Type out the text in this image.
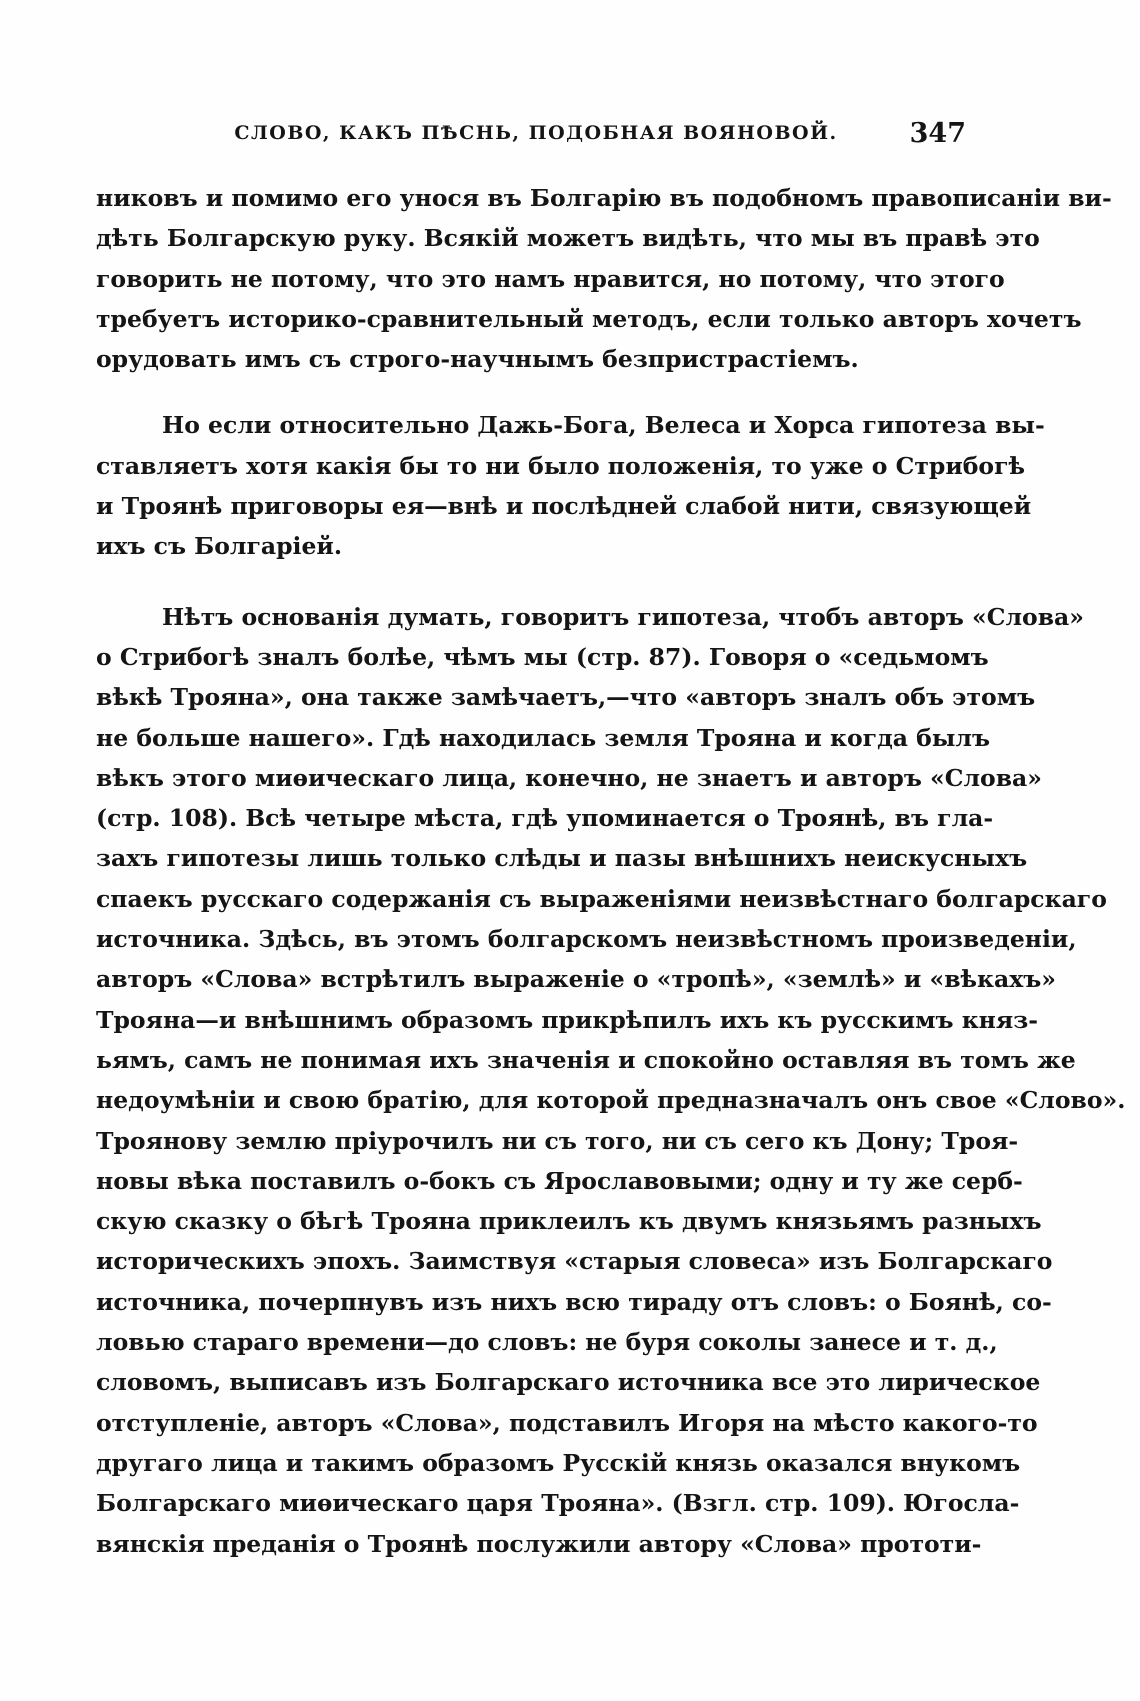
СЛОВО, КАКЪ ПѢСНЬ, ПОДОБНАЯ ВОЯНОВОЙ.	347
никовъ и помимо его унося въ Болгарію въ подобномъ правописаніи ви-
дѣть Болгарскую руку. Всякій можетъ видѣть, что мы въ правѣ это
говорить не потому, что это намъ нравится, но потому, что этого
требуетъ историко-сравнительный методъ, если только авторъ хочетъ
орудовать имъ съ строго-научнымъ безпристрастіемъ.
Но если относительно Дажь-Бога, Велеса и Хорса гипотеза вы-
ставляетъ хотя какія бы то ни было положенія, то уже о Стрибогѣ
и Троянѣ приговоры ея—внѣ и послѣдней слабой нити, связующей
ихъ съ Болгаріей.
Нѣтъ основанія думать, говоритъ гипотеза, чтобъ авторъ «Слова»
о Стрибогѣ зналъ болѣе, чѣмъ мы (стр. 87). Говоря о «седьмомъ
вѣкѣ Трояна», она также замѣчаетъ,—что «авторъ зналъ объ этомъ
не больше нашего». Гдѣ находилась земля Трояна и когда былъ
вѣкъ этого миѳическаго лица, конечно, не знаетъ и авторъ «Слова»
(стр. 108). Всѣ четыре мѣста, гдѣ упоминается о Троянѣ, въ гла-
захъ гипотезы лишь только слѣды и пазы внѣшнихъ неискусныхъ
спаекъ русскаго содержанія съ выраженіями неизвѣстнаго болгарскаго
источника. Здѣсь, въ этомъ болгарскомъ неизвѣстномъ произведеніи,
авторъ «Слова» встрѣтилъ выраженіе о «тропѣ», «землѣ» и «вѣкахъ»
Трояна—и внѣшнимъ образомъ прикрѣпилъ ихъ къ русскимъ княз-
ьямъ, самъ не понимая ихъ значенія и спокойно оставляя въ томъ же
недоумѣніи и свою братію, для которой предназначалъ онъ свое «Слово».
Троянову землю пріурочилъ ни съ того, ни съ сего къ Дону; Троя-
новы вѣка поставилъ о-бокъ съ Ярославовыми; одну и ту же серб-
скую сказку о бѣгѣ Трояна приклеилъ къ двумъ князьямъ разныхъ
историческихъ эпохъ. Заимствуя «старыя словеса» изъ Болгарскаго
источника, почерпнувъ изъ нихъ всю тираду отъ словъ: о Боянѣ, со-
ловью стараго времени—до словъ: не буря соколы занесе и т. д.,
словомъ, выписавъ изъ Болгарскаго источника все это лирическое
отступленіе, авторъ «Слова», подставилъ Игоря на мѣсто какого-то
другаго лица и такимъ образомъ Русскій князь оказался внукомъ
Болгарскаго миѳическаго царя Трояна». (Взгл. стр. 109). Югосла-
вянскія преданія о Троянѣ послужили автору «Слова» прототи-
